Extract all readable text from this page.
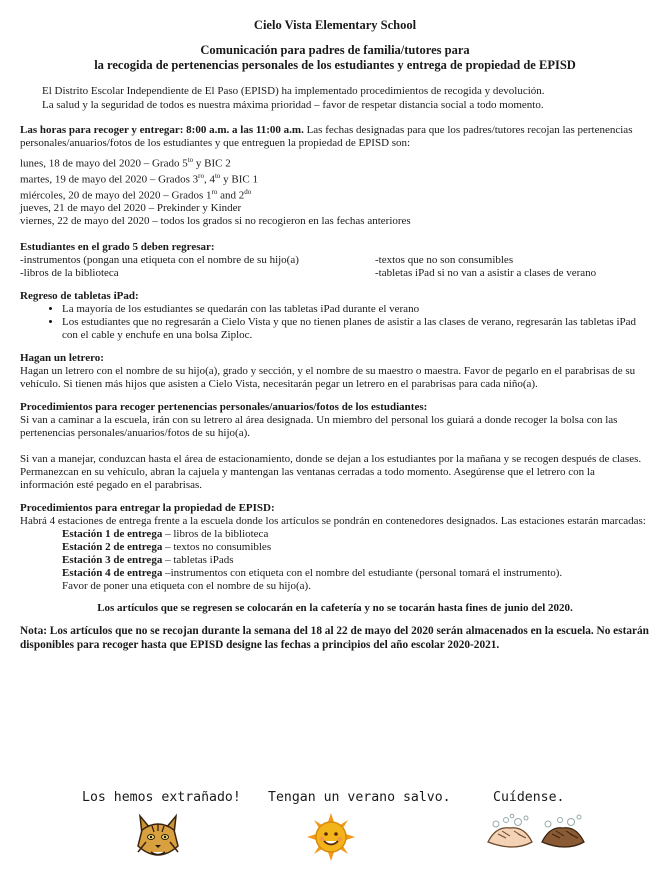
Cielo Vista Elementary School
Comunicación para padres de familia/tutores para
la recogida de pertenencias personales de los estudiantes y entrega de propiedad de EPISD
El Distrito Escolar Independiente de El Paso (EPISD) ha implementado procedimientos de recogida y devolución.
La salud y la seguridad de todos es nuestra máxima prioridad – favor de respetar distancia social a todo momento.

Las horas para recoger y entregar: 8:00 a.m. a las 11:00 a.m. Las fechas designadas para que los padres/tutores recojan las pertenencias personales/anuarios/fotos de los estudiantes y que entreguen la propiedad de EPISD son:

lunes, 18 de mayo del 2020 – Grado $5^{to}$ y BIC 2
martes, 19 de mayo del 2020 – Grados $3^{ro}$, $4^{to}$ y BIC 1
miércoles, 20 de mayo del 2020 – Grados $1^{ro}$ and $2^{do}$
jueves, 21 de mayo del 2020 – Prekinder y Kinder
viernes, 22 de mayo del 2020 – todos los grados si no recogieron en las fechas anteriores
Estudiantes en el grado 5 deben regresar:
-instrumentos (pongan una etiqueta con el nombre de su hijo(a)
-libros de la biblioteca
-textos que no son consumibles
-tabletas iPad si no van a asistir a clases de verano
Regreso de tabletas iPad:
• La mayoría de los estudiantes se quedarán con las tabletas iPad durante el verano
• Los estudiantes que no regresarán a Cielo Vista y que no tienen planes de asistir a las clases de verano, regresarán las tabletas iPad con el cable y enchufe en una bolsa Ziploc.
Hagan un letrero:

Hagan un letrero con el nombre de su hijo(a), grado y sección, y el nombre de su maestro o maestra. Favor de pegarlo en el parabrisas de su vehículo. Si tienen más hijos que asisten a Cielo Vista, necesitarán pegar un letrero en el parabrisas para cada niño(a).

Procedimientos para recoger pertenencias personales/anuarios/fotos de los estudiantes:

Si van a caminar a la escuela, irán con su letrero al área designada. Un miembro del personal los guiará a donde recoger la bolsa con las pertenencias personales/anuarios/fotos de su hijo(a).

Si van a manejar, conduzcan hasta el área de estacionamiento, donde se dejan a los estudiantes por la mañana y se recogen después de clases. Permanezcan en su vehículo, abran la cajuela y mantengan las ventanas cerradas a todo momento. Asegúrense que el letrero con la información esté pegado en el parabrisas.

Procedimientos para entregar la propiedad de EPISD:

Habrá 4 estaciones de entrega frente a la escuela donde los artículos se pondrán en contenedores designados. Las estaciones estarán marcadas:

Estación 1 de entrega – libros de la biblioteca
Estación 2 de entrega – textos no consumibles
Estación 3 de entrega – tabletas iPads
Estación 4 de entrega –instrumentos con etiqueta con el nombre del estudiante (personal tomará el instrumento).
Favor de poner una etiqueta con el nombre de su hijo(a).
Los artículos que se regresen se colocarán en la cafetería y no se tocarán hasta fines de junio del 2020.
Nota: Los artículos que no se recojan durante la semana del 18 al 22 de mayo del 2020 serán almacenados en la escuela. No estarán disponibles para recoger hasta que EPISD designe las fechas a principios del año escolar 2020-2021.
Los hemos extrañado! Tengan un verano salvo.	Cuídense.
